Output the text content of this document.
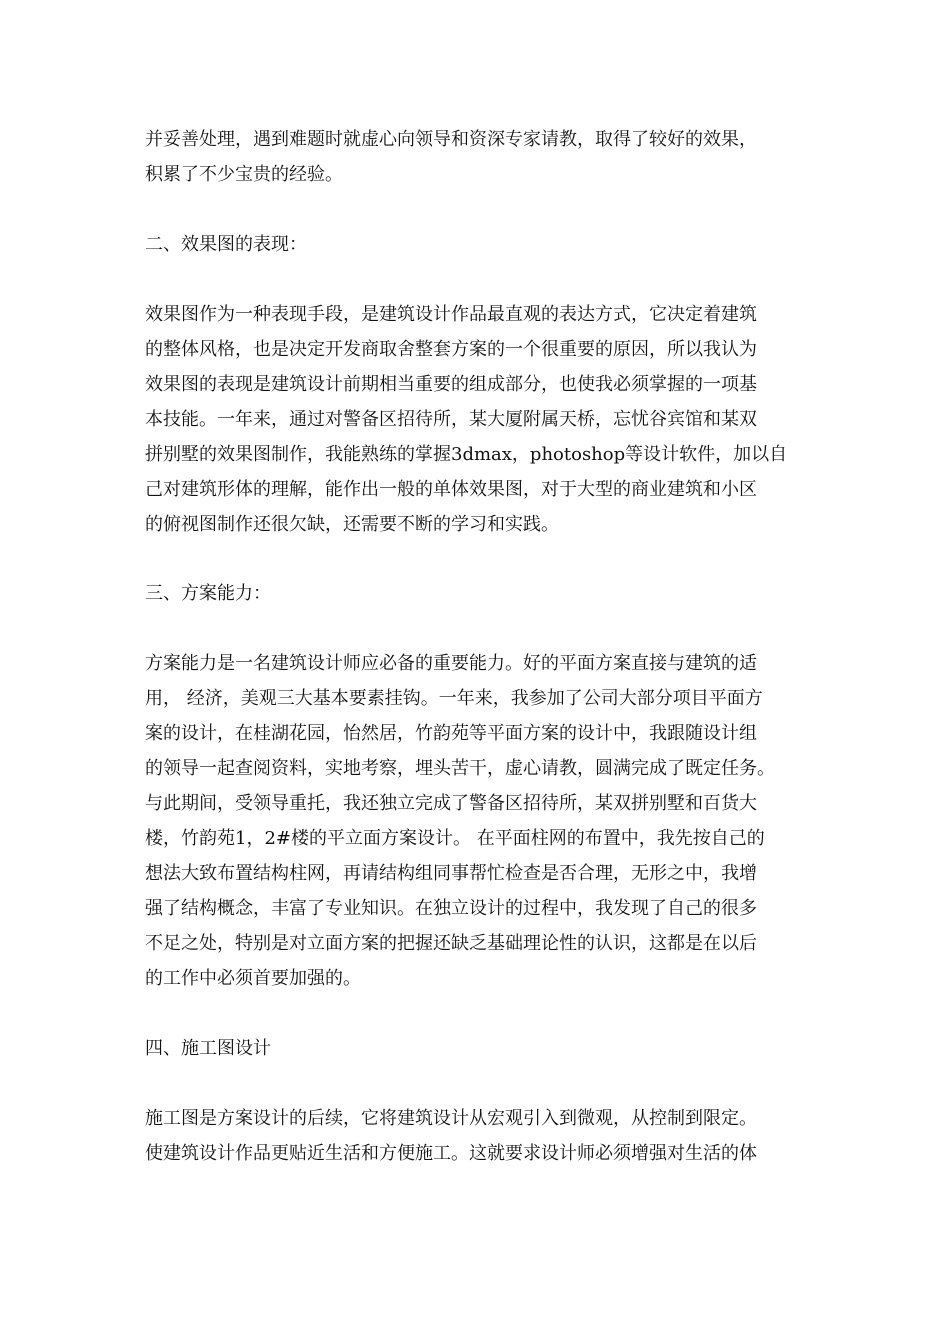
并妥善处理，遇到难题时就虚心向领导和资深专家请教，取得了较好的效果，

积累了不少宝贵的经验。

二、效果图的表现：

效果图作为一种表现手段，是建筑设计作品最直观的表达方式，它决定着建筑

的整体风格，也是决定开发商取舍整套方案的一个很重要的原因，所以我认为

效果图的表现是建筑设计前期相当重要的组成部分，也使我必须掌握的一项基

本技能。一年来，通过对警备区招待所，某大厦附属天桥，忘忧谷宾馆和某双

拼别墅的效果图制作，我能熟练的掌握3dmax，photoshop等设计软件，加以自

己对建筑形体的理解，能作出一般的单体效果图，对于大型的商业建筑和小区

的俯视图制作还很欠缺，还需要不断的学习和实践。

三、方案能力：

方案能力是一名建筑设计师应必备的重要能力。好的平面方案直接与建筑的适

用， 经济，美观三大基本要素挂钩。一年来，我参加了公司大部分项目平面方

案的设计，在桂湖花园，怡然居，竹韵苑等平面方案的设计中，我跟随设计组

的领导一起查阅资料，实地考察，埋头苦干，虚心请教，圆满完成了既定任务。

与此期间，受领导重托，我还独立完成了警备区招待所，某双拼别墅和百货大

楼，竹韵苑1，2#楼的平立面方案设计。 在平面柱网的布置中，我先按自己的

想法大致布置结构柱网，再请结构组同事帮忙检查是否合理，无形之中，我增

强了结构概念，丰富了专业知识。在独立设计的过程中，我发现了自己的很多

不足之处，特别是对立面方案的把握还缺乏基础理论性的认识，这都是在以后

的工作中必须首要加强的。

四、施工图设计

施工图是方案设计的后续，它将建筑设计从宏观引入到微观，从控制到限定。

使建筑设计作品更贴近生活和方便施工。这就要求设计师必须增强对生活的体
